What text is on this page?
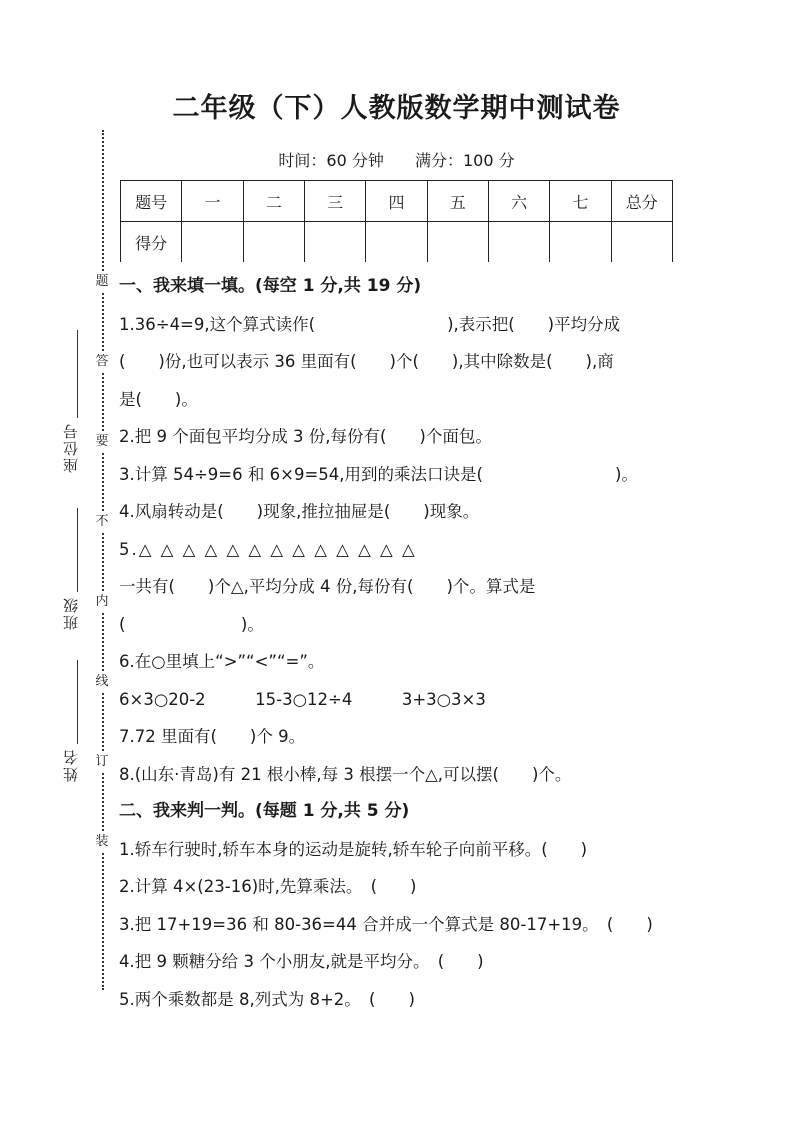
二年级（下）人教版数学期中测试卷
时间：60 分钟 满分：100 分
题号	一	二	三	四	五	六	七	总分
得分								
题
答
要
不
内
线
订
装
座位号
班级
姓名
一、我来填一填。(每空 1 分,共 19 分)
1.36÷4=9,这个算式读作(　　　　　　　　),表示把(　　)平均分成
(　　)份,也可以表示 36 里面有(　　)个(　　),其中除数是(　　),商
是(　　)。
2.把 9 个面包平均分成 3 份,每份有(　　)个面包。
3.计算 54÷9=6 和 6×9=54,用到的乘法口诀是(　　　　　　　　)。
4.风扇转动是(　　)现象,推拉抽屉是(　　)现象。
5.△ △ △ △ △ △ △ △ △ △ △ △ △
一共有(　　)个△,平均分成 4 份,每份有(　　)个。算式是
(　　　　　　　)。
6.在○里填上“>”“<”“=”。
6×3○20-2　　　15-3○12÷4　　　3+3○3×3
7.72 里面有(　　)个 9。
8.(山东·青岛)有 21 根小棒,每 3 根摆一个△,可以摆(　　)个。
二、我来判一判。(每题 1 分,共 5 分)
1.轿车行驶时,轿车本身的运动是旋转,轿车轮子向前平移。(　　)
2.计算 4×(23-16)时,先算乘法。　(　　)
3.把 17+19=36 和 80-36=44 合并成一个算式是 80-17+19。　(　　)
4.把 9 颗糖分给 3 个小朋友,就是平均分。　(　　)
5.两个乘数都是 8,列式为 8+2。　(　　)
